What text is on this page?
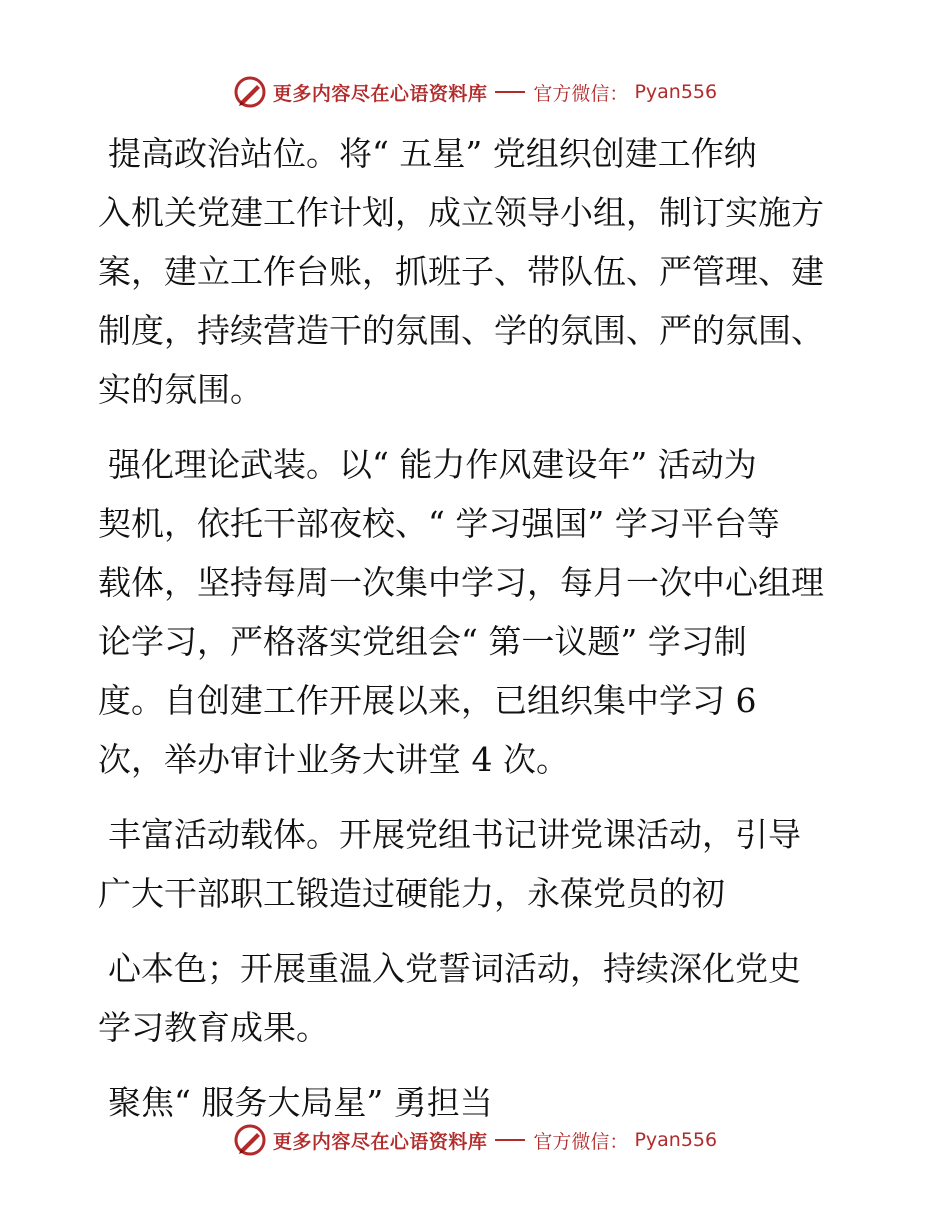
更多内容尽在心语资料库 官方微信： Pyan556
提高政治站位。将“ 五星” 党组织创建工作纳
入机关党建工作计划，成立领导小组，制订实施方
案，建立工作台账，抓班子、带队伍、严管理、建
制度，持续营造干的氛围、学的氛围、严的氛围、
实的氛围。
强化理论武装。以“ 能力作风建设年” 活动为
契机，依托干部夜校、“ 学习强国” 学习平台等
载体，坚持每周一次集中学习，每月一次中心组理
论学习，严格落实党组会“ 第一议题” 学习制
度。自创建工作开展以来，已组织集中学习 6
次，举办审计业务大讲堂 4 次。
丰富活动载体。开展党组书记讲党课活动，引导
广大干部职工锻造过硬能力，永葆党员的初
心本色；开展重温入党誓词活动，持续深化党史
学习教育成果。
聚焦“ 服务大局星” 勇担当
更多内容尽在心语资料库 官方微信： Pyan556
